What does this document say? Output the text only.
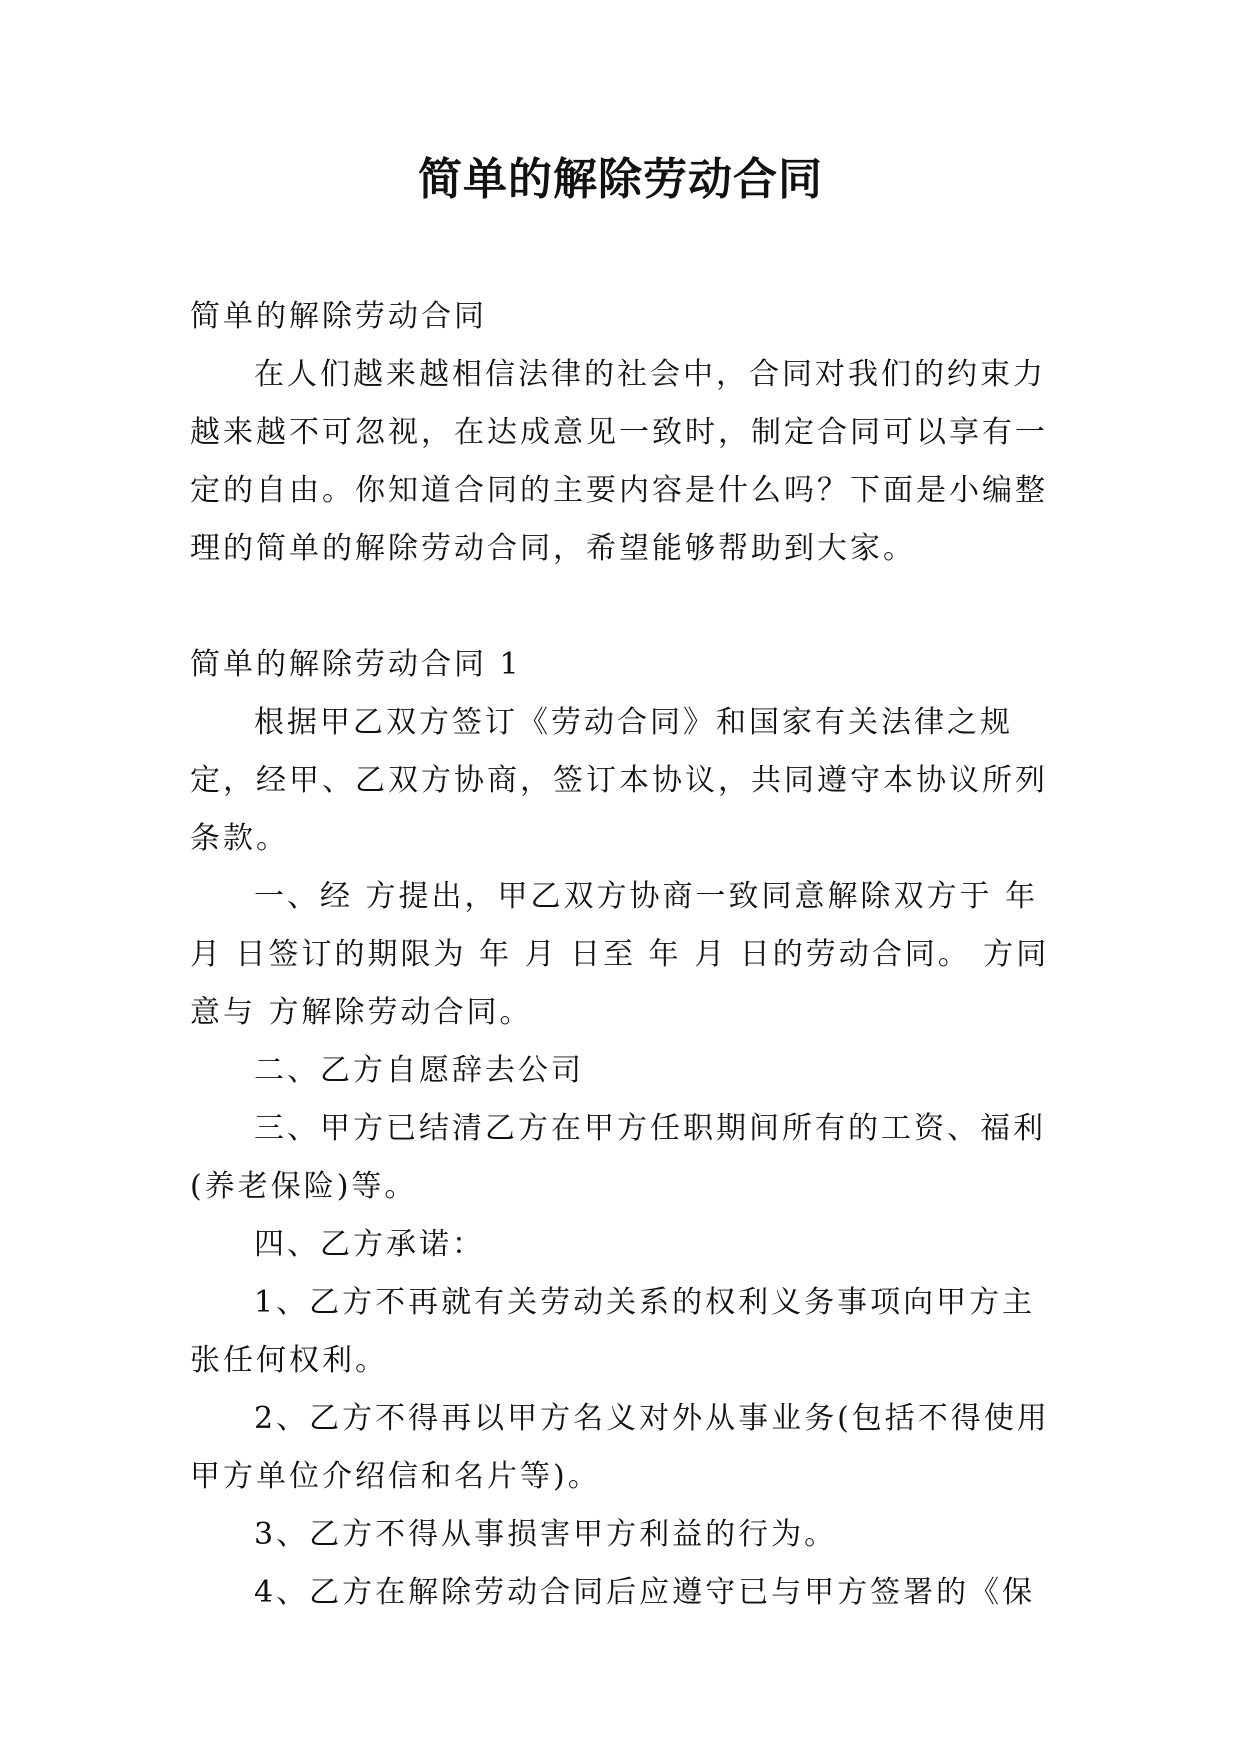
简单的解除劳动合同

简单的解除劳动合同

在人们越来越相信法律的社会中，合同对我们的约束力越来越不可忽视，在达成意见一致时，制定合同可以享有一定的自由。你知道合同的主要内容是什么吗？下面是小编整理的简单的解除劳动合同，希望能够帮助到大家。

简单的解除劳动合同 1

根据甲乙双方签订《劳动合同》和国家有关法律之规定，经甲、乙双方协商，签订本协议，共同遵守本协议所列条款。

一、经 方提出，甲乙双方协商一致同意解除双方于 年月 日签订的期限为 年 月 日至 年 月 日的劳动合同。 方同意与 方解除劳动合同。

二、乙方自愿辞去公司

三、甲方已结清乙方在甲方任职期间所有的工资、福利(养老保险)等。

四、乙方承诺：

1、乙方不再就有关劳动关系的权利义务事项向甲方主张任何权利。

2、乙方不得再以甲方名义对外从事业务(包括不得使用甲方单位介绍信和名片等)。

3、乙方不得从事损害甲方利益的行为。

4、乙方在解除劳动合同后应遵守已与甲方签署的《保
